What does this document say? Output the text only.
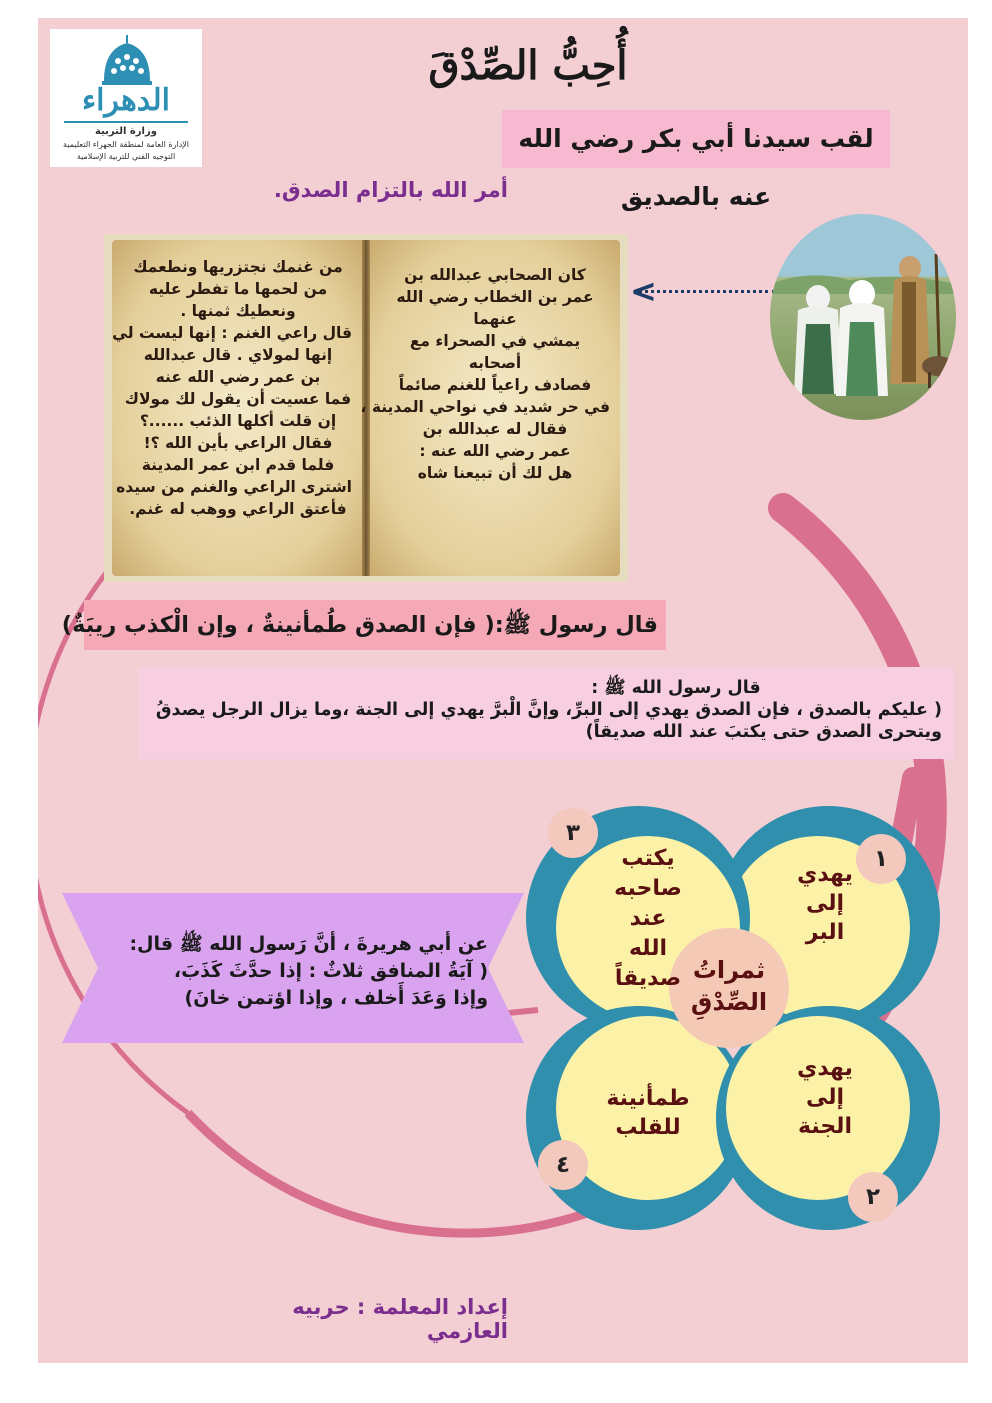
الدهراء
وزارة التربية
الإدارة العامة لمنطقة الجهراء التعليمية
التوجيه الفني للتربية الإسلامية
أُحِبُّ الصِّدْقَ
لقب سيدنا أبي بكر رضي الله عنه بالصديق
أمر الله بالتزام الصدق.
كان الصحابي عبدالله بن
عمر بن الخطاب رضي الله
عنهما
يمشي في الصحراء مع
أصحابه
فصادف راعياً للغنم صائماً
في حر شديد في نواحي المدينة ،
فقال له عبدالله بن
عمر رضي الله عنه :
هل لك أن تبيعنا شاه
من غنمك نجتزريها ونطعمك
من لحمها ما تفطر عليه
ونعطيك ثمنها .
قال راعي الغنم : إنها ليست لي
إنها لمولاي . قال عبدالله
بن عمر رضي الله عنه
فما عسيت أن يقول لك مولاك
إن قلت أكلها الذئب ......؟
فقال الراعي بأين الله ؟!
فلما قدم ابن عمر المدينة
اشترى الراعي والغنم من سيده
فأعتق الراعي ووهب له غنم.
<
قال رسول ﷺ:( فإن الصدق طُمأنينةٌ ، وإن الْكذب ريبَةٌ)
قال رسول الله ﷺ :
( عليكم بالصدق ، فإن الصدق يهدي إلى البرِّ، وإنَّ الْبرَّ يهدي إلى الجنة ،وما يزال الرجل يصدقُ
ويتحرى الصدق حتى يكتبَ عند الله صديقاً)
ثمراتُ
الصِّدْقِ
يهدي
إلى
البر
١
يهدي
إلى
الجنة
٢
يكتب
صاحبه
عند
الله
صديقاً
٣
طمأنينة
للقلب
٤
عن أبي هريرةَ ، أنَّ رَسول الله ﷺ قال:
( آيَةُ المنافق ثلاثٌ : إذا حدَّثَ كَذَبَ،
وإذا وَعَدَ أَخلف ، وإذا اؤتمن خانَ)
إعداد المعلمة : حربيه العازمي
